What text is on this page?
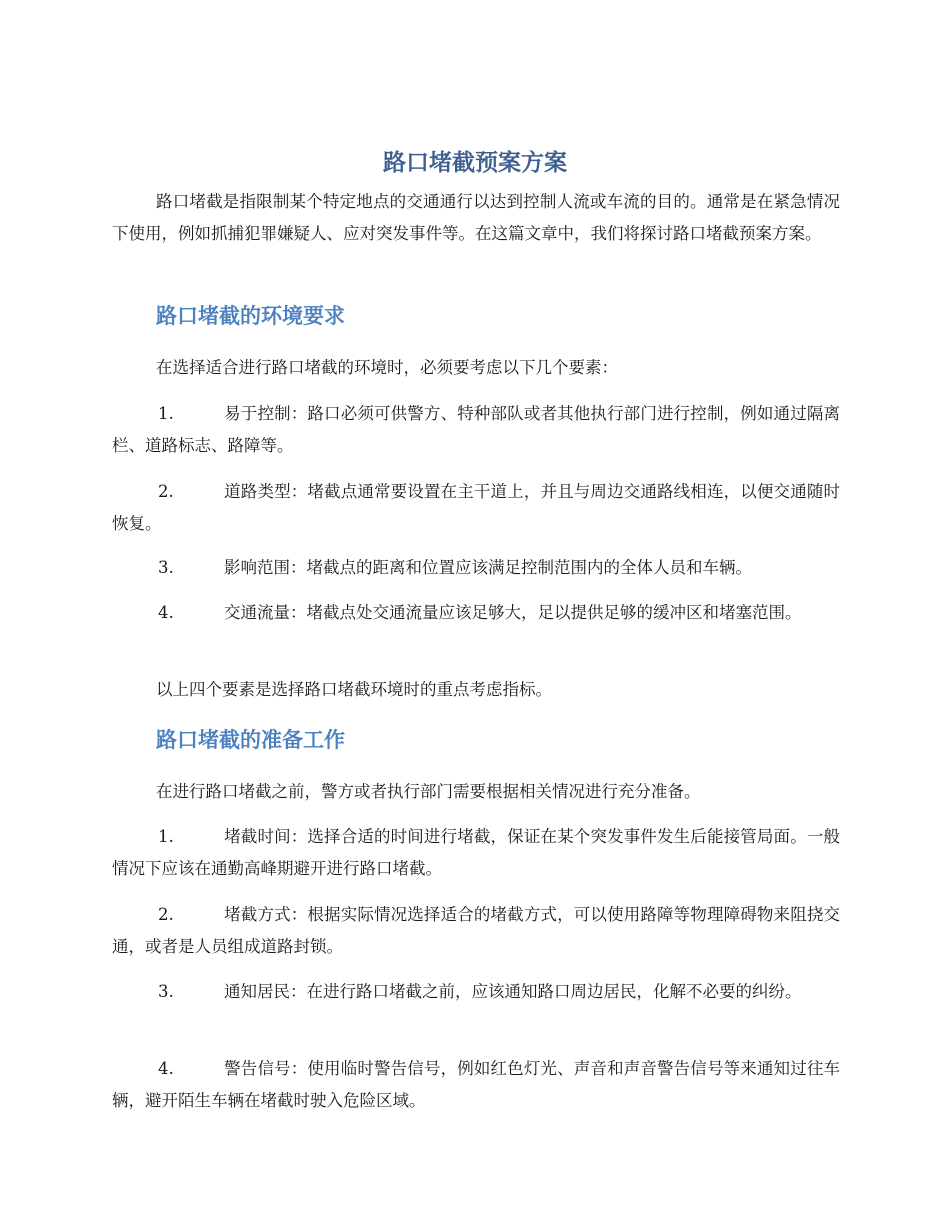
路口堵截预案方案

路口堵截是指限制某个特定地点的交通通行以达到控制人流或车流的目的。通常是在紧急情况下使用，例如抓捕犯罪嫌疑人、应对突发事件等。在这篇文章中，我们将探讨路口堵截预案方案。

路口堵截的环境要求

在选择适合进行路口堵截的环境时，必须要考虑以下几个要素：

1.	易于控制：路口必须可供警方、特种部队或者其他执行部门进行控制，例如通过隔离栏、道路标志、路障等。

2.	道路类型：堵截点通常要设置在主干道上，并且与周边交通路线相连，以便交通随时恢复。

3.	影响范围：堵截点的距离和位置应该满足控制范围内的全体人员和车辆。

4.	交通流量：堵截点处交通流量应该足够大，足以提供足够的缓冲区和堵塞范围。

以上四个要素是选择路口堵截环境时的重点考虑指标。

路口堵截的准备工作

在进行路口堵截之前，警方或者执行部门需要根据相关情况进行充分准备。

1.	堵截时间：选择合适的时间进行堵截，保证在某个突发事件发生后能接管局面。一般情况下应该在通勤高峰期避开进行路口堵截。

2.	堵截方式：根据实际情况选择适合的堵截方式，可以使用路障等物理障碍物来阻挠交通，或者是人员组成道路封锁。

3.	通知居民：在进行路口堵截之前，应该通知路口周边居民，化解不必要的纠纷。

4.	警告信号：使用临时警告信号，例如红色灯光、声音和声音警告信号等来通知过往车辆，避开陌生车辆在堵截时驶入危险区域。
